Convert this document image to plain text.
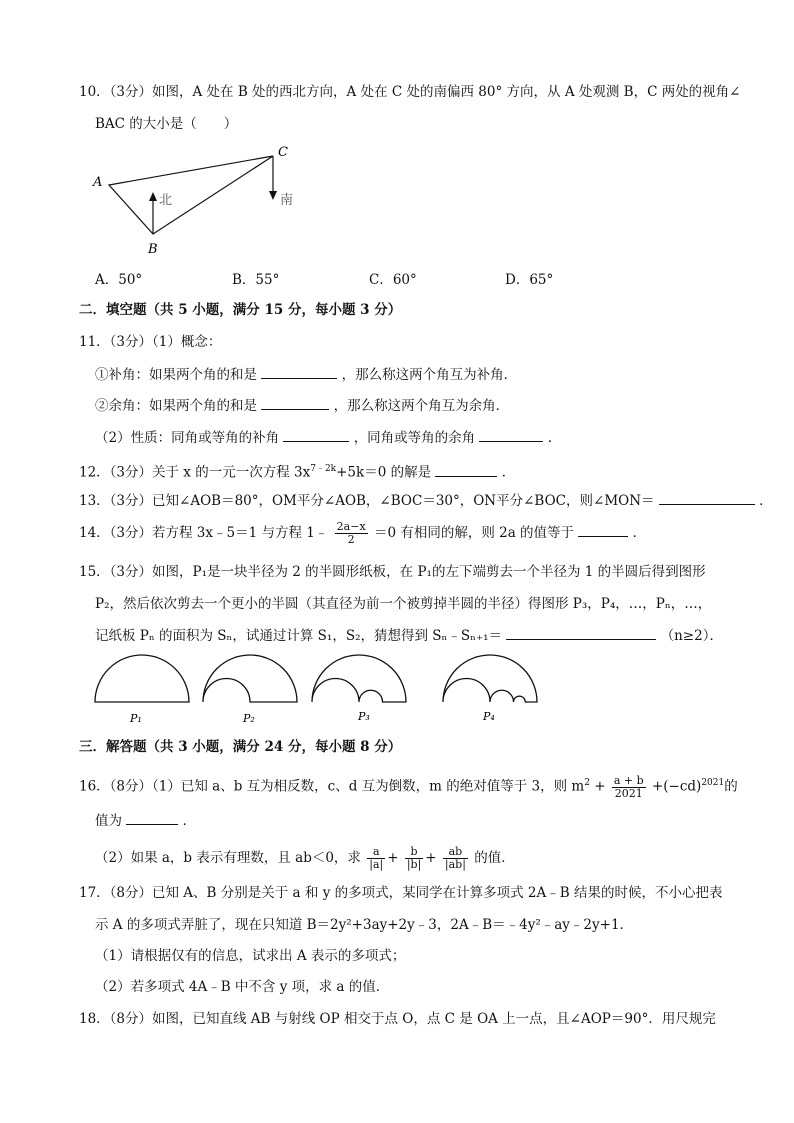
10．（3分）如图，A 处在 B 处的西北方向，A 处在 C 处的南偏西 80° 方向，从 A 处观测 B，C 两处的视角∠
BAC 的大小是（　　）
A
B
C
北	南
A．50°	B．55°	C．60°	D．65°
二．填空题（共 5 小题，满分 15 分，每小题 3 分）
11．（3分）（1）概念：
①补角：如果两个角的和是	，那么称这两个角互为补角．
②余角：如果两个角的和是	，那么称这两个角互为余角．
（2）性质：同角或等角的补角	，同角或等角的余角	．
12．（3分）关于 x 的一元一次方程 $3x^{7﹣2k}+5k=0$ 的解是	．
13．（3分）已知∠AOB＝80°，OM平分∠AOB，∠BOC＝30°，ON平分∠BOC，则∠MON＝	．
14．（3分）若方程 3x﹣5＝1 与方程 1﹣ $\frac{2a-x}{2} =0$ 有相同的解，则 2a 的值等于	．
15．（3分）如图，P₁是一块半径为 2 的半圆形纸板，在 P₁的左下端剪去一个半径为 1 的半圆后得到图形
P₂，然后依次剪去一个更小的半圆（其直径为前一个被剪掉半圆的半径）得图形 P₃，P₄，…，Pₙ，…，
记纸板 Pₙ 的面积为 Sₙ，试通过计算 S₁，S₂，猜想得到 Sₙ﹣Sₙ₊₁＝	（n≥2）．
P₁	P₂	P₃	P₄
三．解答题（共 3 小题，满分 24 分，每小题 8 分）
16．（8分）（1）已知 a、b 互为相反数，c、d 互为倒数，m 的绝对值等于 3，则 $m^2 + \frac{a + b}{2021} +(-cd)^{2021}$的
值为	．
（2）如果 a，b 表示有理数，且 ab＜0，求 $\frac{a}{|a|} + \frac{b}{|b|} + \frac{ab}{|ab|}$ 的值．
17．（8分）已知 A、B 分别是关于 a 和 y 的多项式，某同学在计算多项式 2A﹣B 结果的时候，不小心把表
示 A 的多项式弄脏了，现在只知道 B＝2y²+3ay+2y﹣3，2A﹣B＝﹣4y²﹣ay﹣2y+1．
（1）请根据仅有的信息，试求出 A 表示的多项式；
（2）若多项式 4A﹣B 中不含 y 项，求 a 的值．
18．（8分）如图，已知直线 AB 与射线 OP 相交于点 O，点 C 是 OA 上一点，且∠AOP＝90°．用尺规完
